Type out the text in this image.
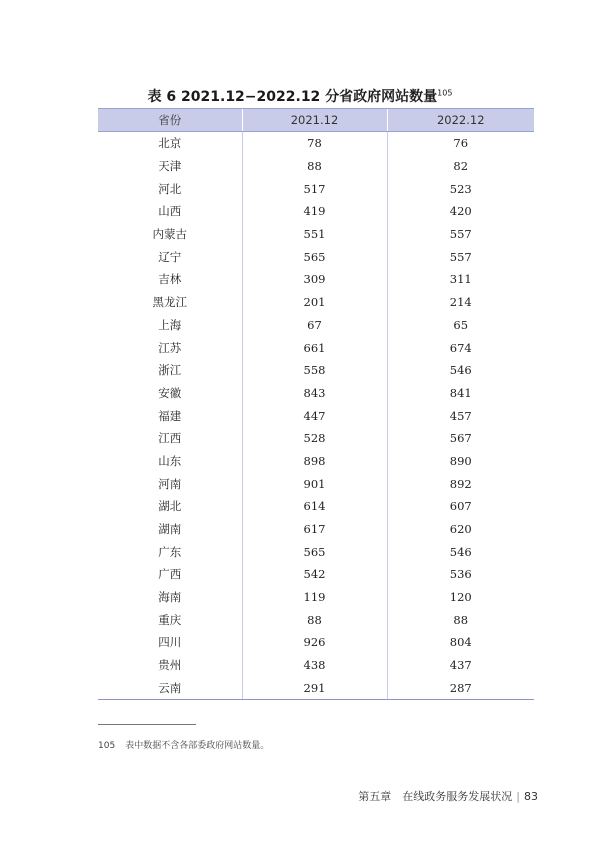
表 6 2021.12−2022.12 分省政府网站数量$^{105}$
省份	2021.12	2022.12
北京	78	76
天津	88	82
河北	517	523
山西	419	420
内蒙古	551	557
辽宁	565	557
吉林	309	311
黑龙江	201	214
上海	67	65
江苏	661	674
浙江	558	546
安徽	843	841
福建	447	457
江西	528	567
山东	898	890
河南	901	892
湖北	614	607
湖南	617	620
广东	565	546
广西	542	536
海南	119	120
重庆	88	88
四川	926	804
贵州	438	437
云南	291	287
105 表中数据不含各部委政府网站数量。
第五章　在线政务服务发展状况 | 83
